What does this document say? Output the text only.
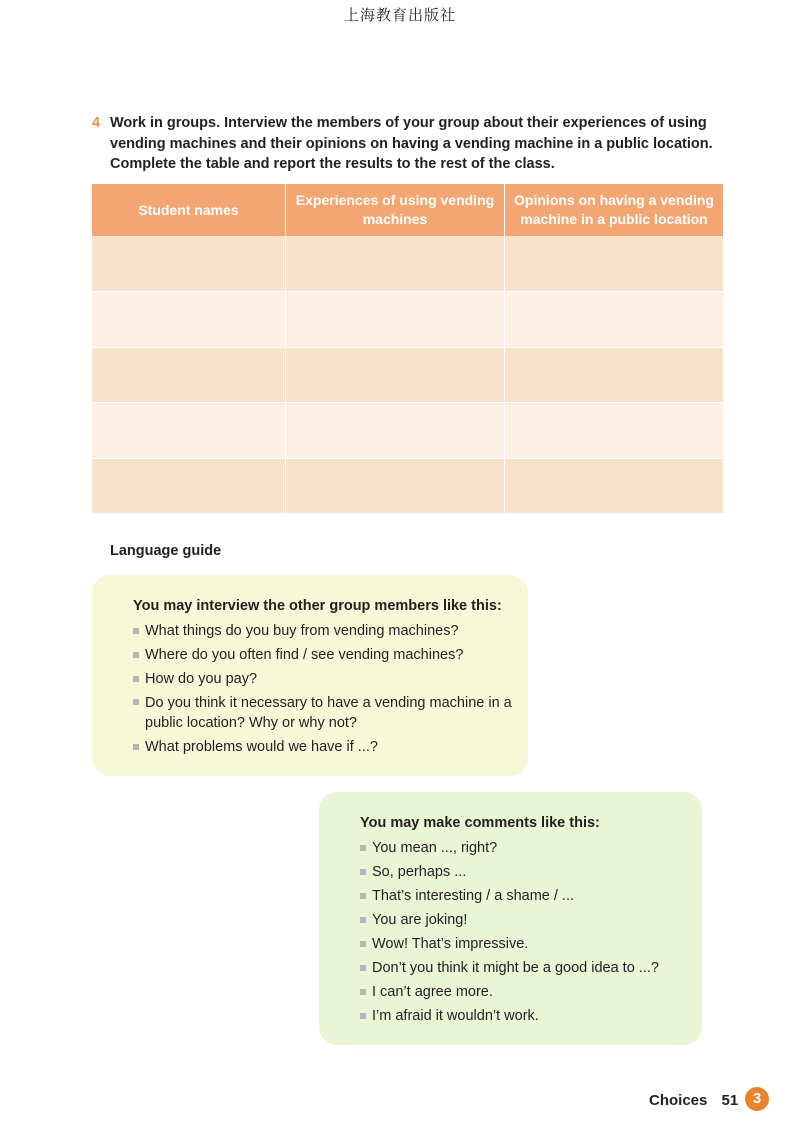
上海教育出版社
4 Work in groups. Interview the members of your group about their experiences of using vending machines and their opinions on having a vending machine in a public location. Complete the table and report the results to the rest of the class.
Student names
Experiences of using vending machines
Opinions on having a vending machine in a public location
Language guide
You may interview the other group members like this:
What things do you buy from vending machines?
Where do you often find / see vending machines?
How do you pay?
Do you think it necessary to have a vending machine in a public location? Why or why not?
What problems would we have if ...?
You may make comments like this:
You mean ..., right?
So, perhaps ...
That’s interesting / a shame / ...
You are joking!
Wow! That’s impressive.
Don’t you think it might be a good idea to ...?
I can’t agree more.
I’m afraid it wouldn’t work.
Choices 51 3
